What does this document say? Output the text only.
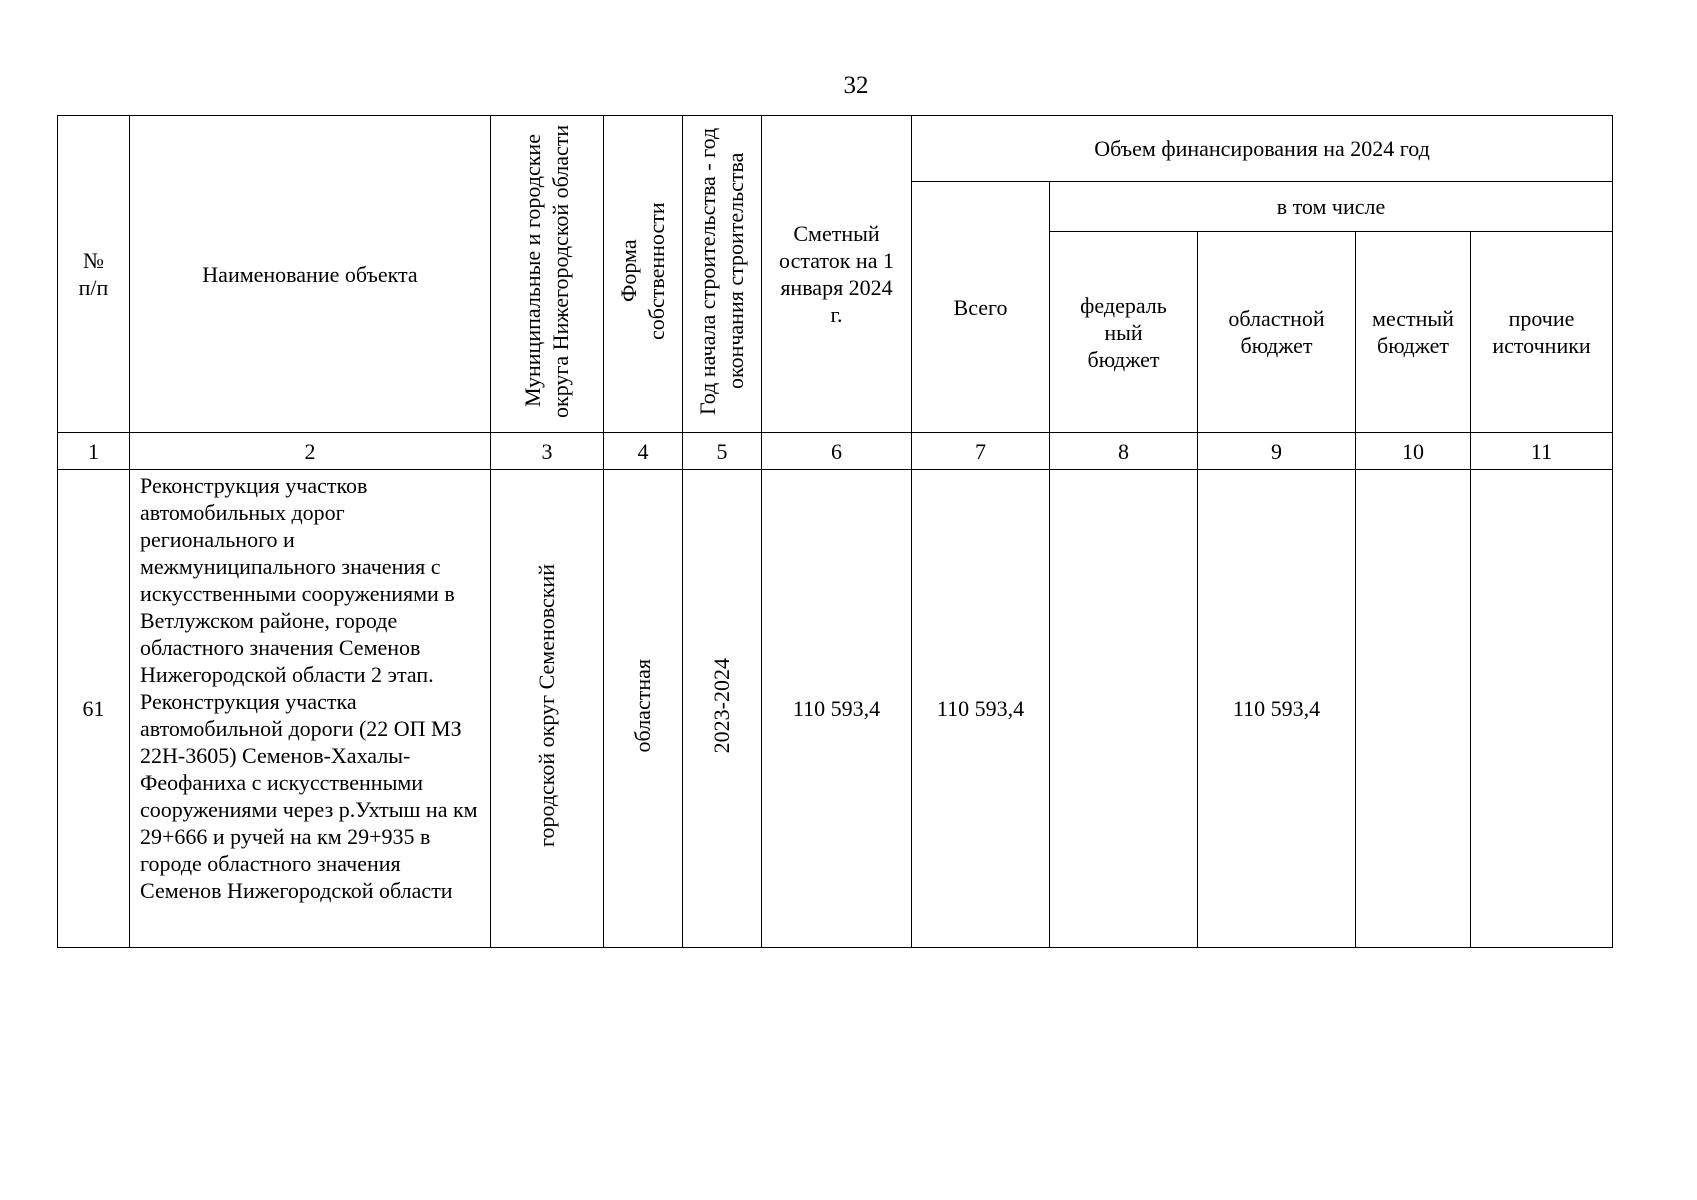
32
№ п/п	Наименование объекта	Муниципальные и городские округа Нижегородской области	Форма собственности	Год начала строительства - год окончания строительства	Сметный остаток на 1 января 2024 г.	Объем финансирования на 2024 год				
						Всего	в том числе			
							федераль ный бюджет	областной бюджет	местный бюджет	прочие источники
1	2	3	4	5	6	7	8	9	10	11
61	Реконструкция участков автомобильных дорог регионального и межмуниципального значения с искусственными сооружениями в Ветлужском районе, городе областного значения Семенов Нижегородской области 2 этап. Реконструкция участка автомобильной дороги (22 ОП МЗ 22Н-3605) Семенов-Хахалы-Феофаниха с искусственными сооружениями через р.Ухтыш на км 29+666 и ручей на км 29+935 в городе областного значения Семенов Нижегородской области	городской округ Семеновский	областная	2023-2024	110 593,4	110 593,4		110 593,4		
